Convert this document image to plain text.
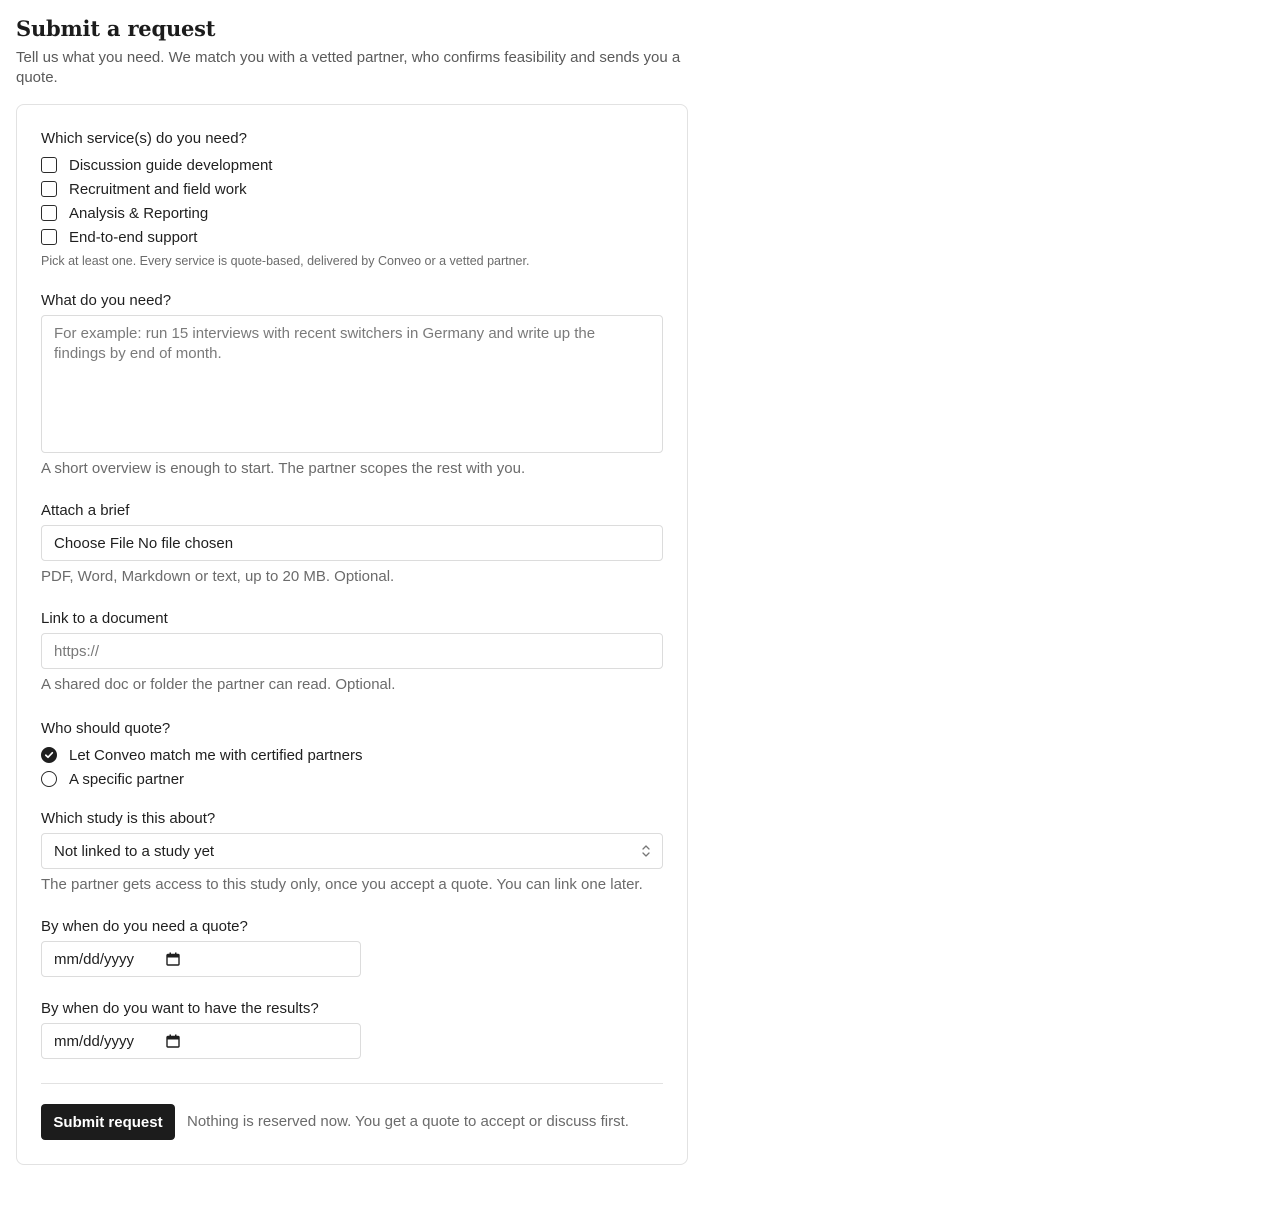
Submit a request

Tell us what you need. We match you with a vetted partner, who confirms feasibility and sends you a quote.

Which service(s) do you need?
Discussion guide development
Recruitment and field work
Analysis & Reporting
End-to-end support
Pick at least one. Every service is quote-based, delivered by Conveo or a vetted partner.
What do you need?
For example: run 15 interviews with recent switchers in Germany and write up the findings by end of month.
A short overview is enough to start. The partner scopes the rest with you.
Attach a brief
Choose File No file chosen
PDF, Word, Markdown or text, up to 20 MB. Optional.
Link to a document
https://
A shared doc or folder the partner can read. Optional.
Who should quote?
Let Conveo match me with certified partners
A specific partner
Which study is this about?
Not linked to a study yet
The partner gets access to this study only, once you accept a quote. You can link one later.
By when do you need a quote?
mm/dd/yyyy
By when do you want to have the results?
mm/dd/yyyy
Submit request	Nothing is reserved now. You get a quote to accept or discuss first.
